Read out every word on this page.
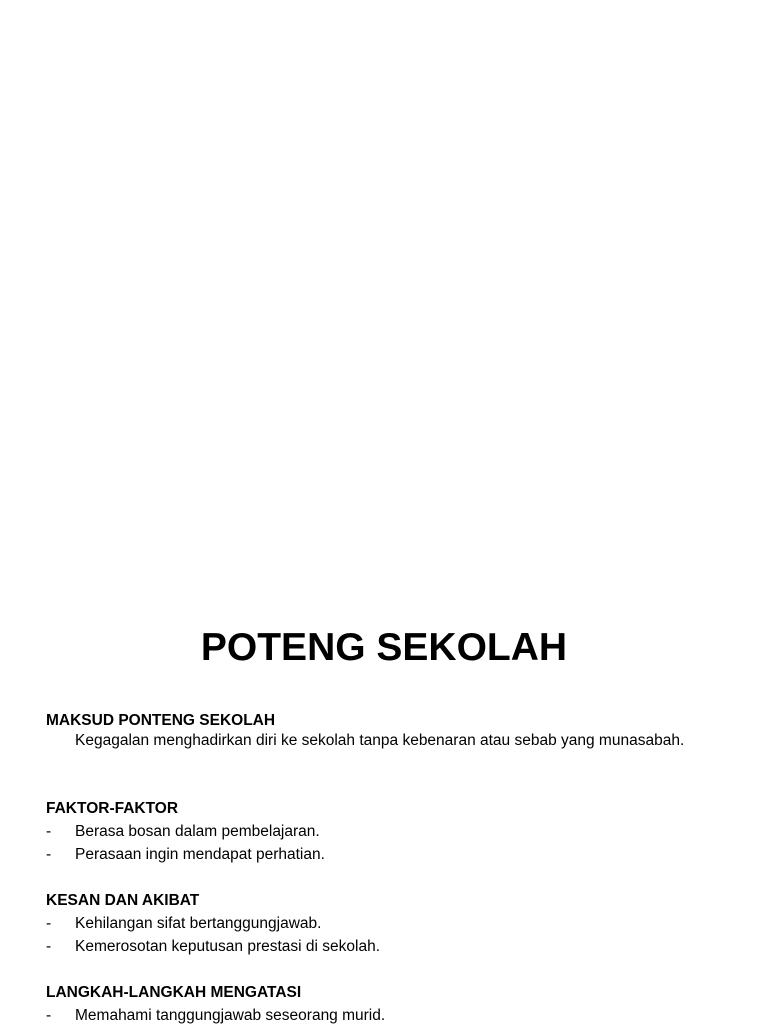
POTENG SEKOLAH

MAKSUD PONTENG SEKOLAH

Kegagalan menghadirkan diri ke sekolah tanpa kebenaran atau sebab yang munasabah.

FAKTOR-FAKTOR

- Berasa bosan dalam pembelajaran.
- Perasaan ingin mendapat perhatian.

KESAN DAN AKIBAT

- Kehilangan sifat bertanggungjawab.
- Kemerosotan keputusan prestasi di sekolah.

LANGKAH-LANGKAH MENGATASI

- Memahami tanggungjawab seseorang murid.
